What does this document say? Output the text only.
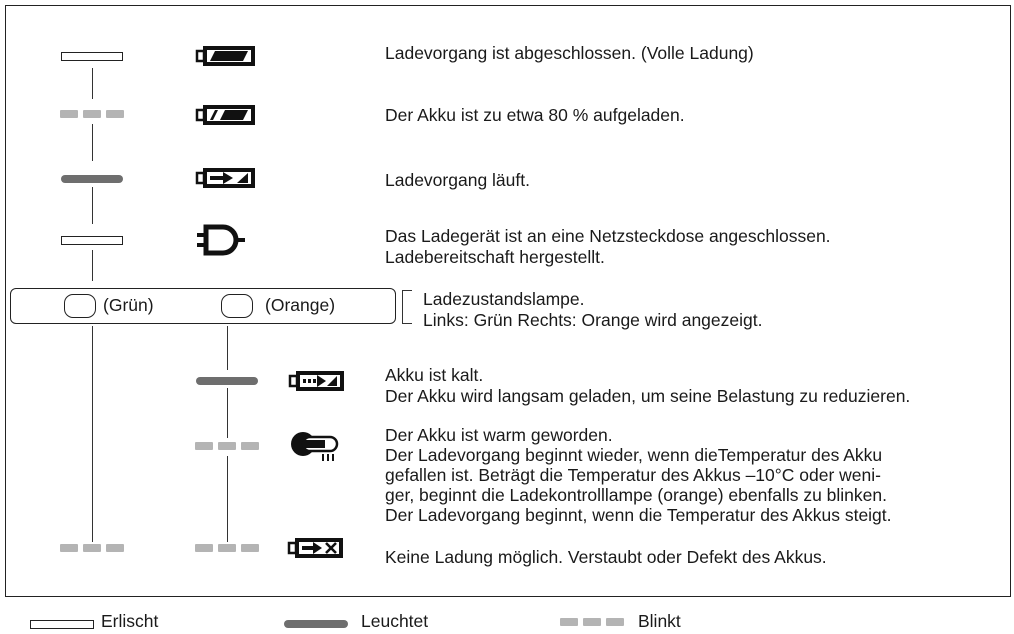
Ladevorgang ist abgeschlossen. (Volle Ladung)
Der Akku ist zu etwa 80 % aufgeladen.
Ladevorgang läuft.
Das Ladegerät ist an eine Netzsteckdose angeschlossen.
Ladebereitschaft hergestellt.
(Grün)	(Orange)	Ladezustandslampe.
Links: Grün Rechts: Orange wird angezeigt.
Akku ist kalt.
Der Akku wird langsam geladen, um seine Belastung zu reduzieren.
Der Akku ist warm geworden.
Der Ladevorgang beginnt wieder, wenn dieTemperatur des Akku
gefallen ist. Beträgt die Temperatur des Akkus –10°C oder weni-
ger, beginnt die Ladekontrolllampe (orange) ebenfalls zu blinken.
Der Ladevorgang beginnt, wenn die Temperatur des Akkus steigt.
Keine Ladung möglich. Verstaubt oder Defekt des Akkus.
Erlischt	Leuchtet	Blinkt
